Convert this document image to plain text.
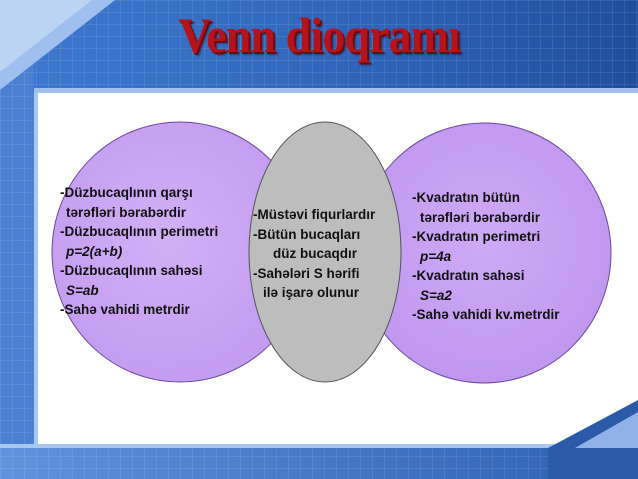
Venn dioqramı
-Düzbucaqlının qarşı
tərəfləri bərabərdir
-Düzbucaqlının perimetri
p=2(a+b)
-Düzbucaqlının sahəsi
S=ab
-Sahə vahidi metrdir
-Müstəvi fiqurlardır
-Bütün bucaqları
düz bucaqdır
-Sahələri S hərifi
ilə işarə olunur
-Kvadratın bütün
tərəfləri bərabərdir
-Kvadratın perimetri
p=4a
-Kvadratın sahəsi
S=a2
-Sahə vahidi kv.metrdir
